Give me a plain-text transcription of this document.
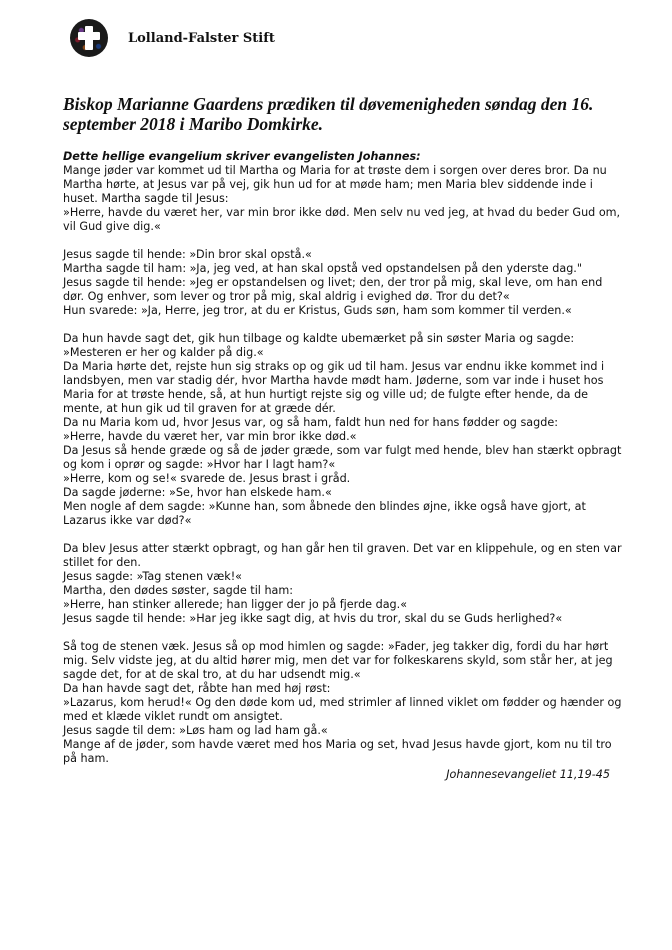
Lolland-Falster Stift
Biskop Marianne Gaardens prædiken til døvemenigheden søndag den 16. september 2018 i Maribo Domkirke.

Dette hellige evangelium skriver evangelisten Johannes:

Mange jøder var kommet ud til Martha og Maria for at trøste dem i sorgen over deres bror. Da nu Martha hørte, at Jesus var på vej, gik hun ud for at møde ham; men Maria blev siddende inde i huset. Martha sagde til Jesus:

»Herre, havde du været her, var min bror ikke død. Men selv nu ved jeg, at hvad du beder Gud om, vil Gud give dig.«

Jesus sagde til hende: »Din bror skal opstå.«

Martha sagde til ham: »Ja, jeg ved, at han skal opstå ved opstandelsen på den yderste dag."

Jesus sagde til hende: »Jeg er opstandelsen og livet; den, der tror på mig, skal leve, om han end dør. Og enhver, som lever og tror på mig, skal aldrig i evighed dø. Tror du det?«

Hun svarede: »Ja, Herre, jeg tror, at du er Kristus, Guds søn, ham som kommer til verden.«

Da hun havde sagt det, gik hun tilbage og kaldte ubemærket på sin søster Maria og sagde:

»Mesteren er her og kalder på dig.«

Da Maria hørte det, rejste hun sig straks op og gik ud til ham. Jesus var endnu ikke kommet ind i landsbyen, men var stadig dér, hvor Martha havde mødt ham. Jøderne, som var inde i huset hos Maria for at trøste hende, så, at hun hurtigt rejste sig og ville ud; de fulgte efter hende, da de mente, at hun gik ud til graven for at græde dér.

Da nu Maria kom ud, hvor Jesus var, og så ham, faldt hun ned for hans fødder og sagde:

»Herre, havde du været her, var min bror ikke død.«

Da Jesus så hende græde og så de jøder græde, som var fulgt med hende, blev han stærkt opbragt og kom i oprør og sagde: »Hvor har I lagt ham?«

»Herre, kom og se!« svarede de. Jesus brast i gråd.

Da sagde jøderne: »Se, hvor han elskede ham.«

Men nogle af dem sagde: »Kunne han, som åbnede den blindes øjne, ikke også have gjort, at Lazarus ikke var død?«

Da blev Jesus atter stærkt opbragt, og han går hen til graven. Det var en klippehule, og en sten var stillet for den.

Jesus sagde: »Tag stenen væk!«

Martha, den dødes søster, sagde til ham:

»Herre, han stinker allerede; han ligger der jo på fjerde dag.«

Jesus sagde til hende: »Har jeg ikke sagt dig, at hvis du tror, skal du se Guds herlighed?«

Så tog de stenen væk. Jesus så op mod himlen og sagde: »Fader, jeg takker dig, fordi du har hørt mig. Selv vidste jeg, at du altid hører mig, men det var for folkeskarens skyld, som står her, at jeg sagde det, for at de skal tro, at du har udsendt mig.«

Da han havde sagt det, råbte han med høj røst:

»Lazarus, kom herud!« Og den døde kom ud, med strimler af linned viklet om fødder og hænder og med et klæde viklet rundt om ansigtet.

Jesus sagde til dem: »Løs ham og lad ham gå.«

Mange af de jøder, som havde været med hos Maria og set, hvad Jesus havde gjort, kom nu til tro på ham.

Johannesevangeliet 11,19-45
